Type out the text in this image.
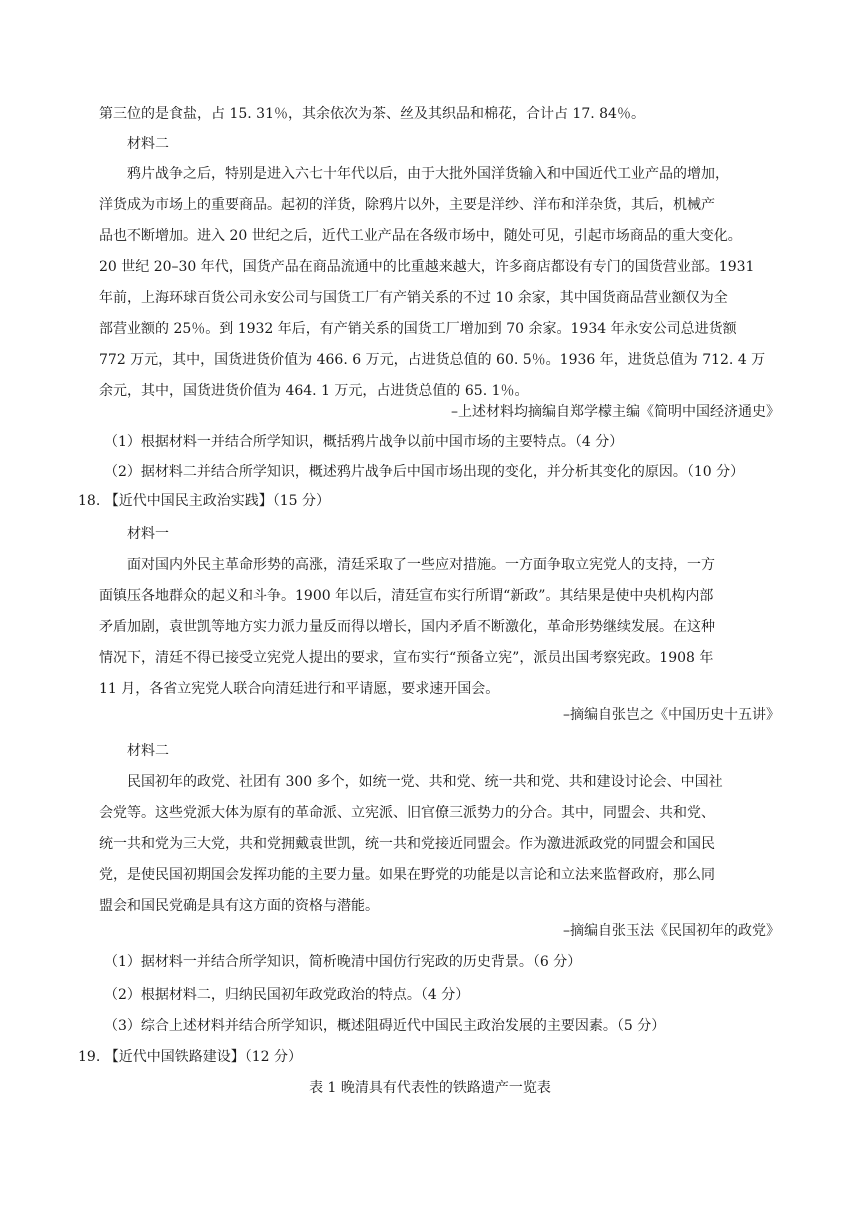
第三位的是食盐，占 15. 31％，其余依次为茶、丝及其织品和棉花，合计占 17. 84％。
材料二
鸦片战争之后，特别是进入六七十年代以后，由于大批外国洋货输入和中国近代工业产品的增加，
洋货成为市场上的重要商品。起初的洋货，除鸦片以外，主要是洋纱、洋布和洋杂货，其后，机械产
品也不断增加。进入 20 世纪之后，近代工业产品在各级市场中，随处可见，引起市场商品的重大变化。
20 世纪 20–30 年代，国货产品在商品流通中的比重越来越大，许多商店都设有专门的国货营业部。1931
年前，上海环球百货公司永安公司与国货工厂有产销关系的不过 10 余家，其中国货商品营业额仅为全
部营业额的 25％。到 1932 年后，有产销关系的国货工厂增加到 70 余家。1934 年永安公司总进货额
772 万元，其中，国货进货价值为 466. 6 万元，占进货总值的 60. 5％。1936 年，进货总值为 712. 4 万
余元，其中，国货进货价值为 464. 1 万元，占进货总值的 65. 1％。
–上述材料均摘编自郑学檬主编《简明中国经济通史》
（1）根据材料一并结合所学知识，概括鸦片战争以前中国市场的主要特点。（4 分）
（2）据材料二并结合所学知识，概述鸦片战争后中国市场出现的变化，并分析其变化的原因。（10 分）
18. 【近代中国民主政治实践】（15 分）
材料一
面对国内外民主革命形势的高涨，清廷采取了一些应对措施。一方面争取立宪党人的支持，一方
面镇压各地群众的起义和斗争。1900 年以后，清廷宣布实行所谓“新政”。其结果是使中央机构内部
矛盾加剧，袁世凯等地方实力派力量反而得以增长，国内矛盾不断激化，革命形势继续发展。在这种
情况下，清廷不得已接受立宪党人提出的要求，宣布实行“预备立宪”，派员出国考察宪政。1908 年
11 月，各省立宪党人联合向清廷进行和平请愿，要求速开国会。
–摘编自张岂之《中国历史十五讲》
材料二
民国初年的政党、社团有 300 多个，如统一党、共和党、统一共和党、共和建设讨论会、中国社
会党等。这些党派大体为原有的革命派、立宪派、旧官僚三派势力的分合。其中，同盟会、共和党、
统一共和党为三大党，共和党拥戴袁世凯，统一共和党接近同盟会。作为激进派政党的同盟会和国民
党，是使民国初期国会发挥功能的主要力量。如果在野党的功能是以言论和立法来监督政府，那么同
盟会和国民党确是具有这方面的资格与潜能。
–摘编自张玉法《民国初年的政党》
（1）据材料一并结合所学知识，简析晚清中国仿行宪政的历史背景。（6 分）
（2）根据材料二，归纳民国初年政党政治的特点。（4 分）
（3）综合上述材料并结合所学知识，概述阻碍近代中国民主政治发展的主要因素。（5 分）
19. 【近代中国铁路建设】（12 分）
表 1 晚清具有代表性的铁路遗产一览表
